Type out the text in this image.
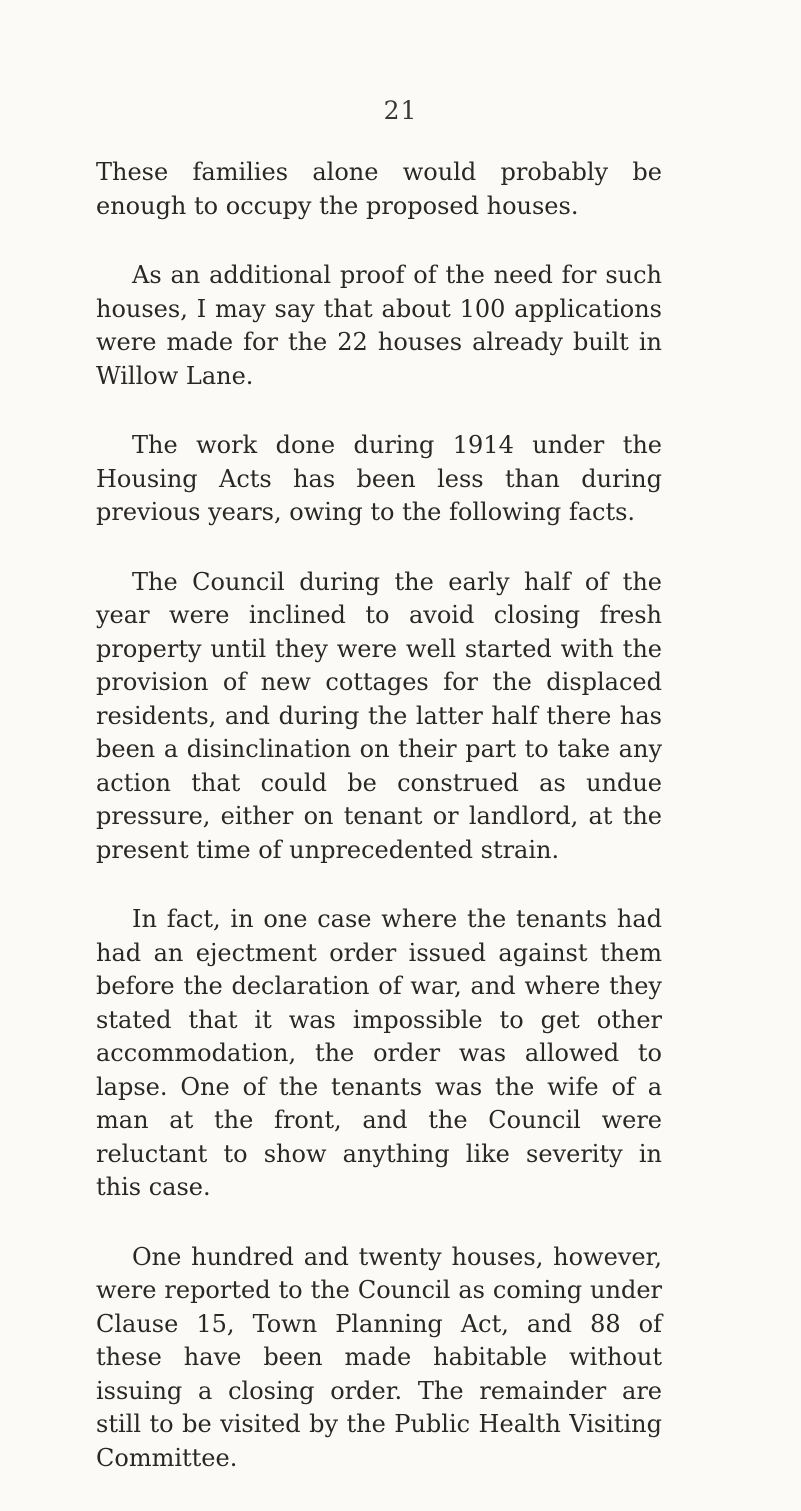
21

These families alone would probably be enough to occupy the proposed houses.

As an additional proof of the need for such houses, I may say that about 100 applications were made for the 22 houses already built in Willow Lane.

The work done during 1914 under the Housing Acts has been less than during previous years, owing to the following facts.

The Council during the early half of the year were inclined to avoid closing fresh property until they were well started with the provision of new cottages for the displaced residents, and during the latter half there has been a disinclination on their part to take any action that could be construed as undue pressure, either on tenant or landlord, at the present time of unprecedented strain.

In fact, in one case where the tenants had had an ejectment order issued against them before the declaration of war, and where they stated that it was impossible to get other accommodation, the order was allowed to lapse. One of the tenants was the wife of a man at the front, and the Council were reluctant to show anything like severity in this case.

One hundred and twenty houses, however, were reported to the Council as coming under Clause 15, Town Planning Act, and 88 of these have been made habitable without issuing a closing order. The remainder are still to be visited by the Public Health Visiting Committee.
